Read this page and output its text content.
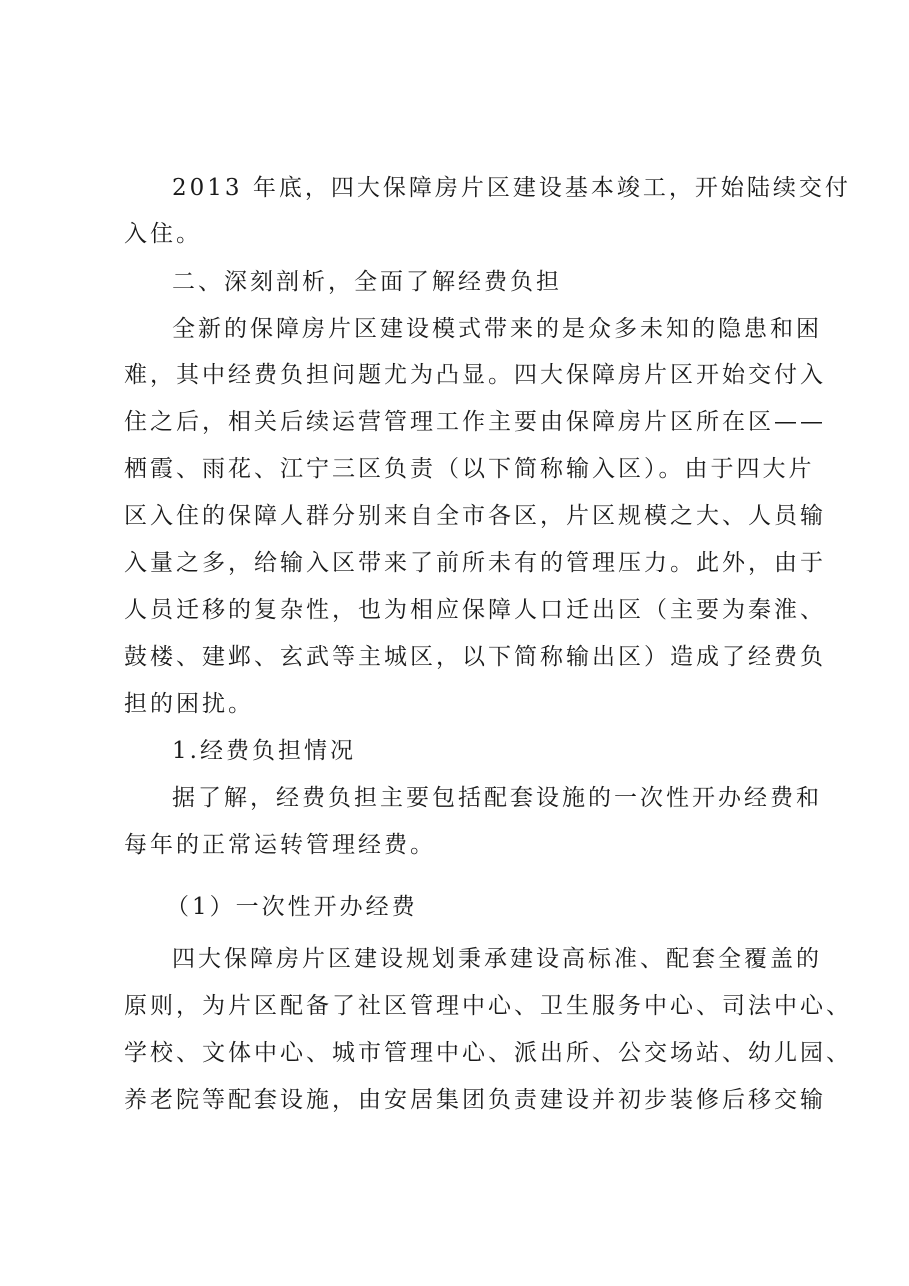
2013 年底，四大保障房片区建设基本竣工，开始陆续交付
入住。
二、深刻剖析，全面了解经费负担
全新的保障房片区建设模式带来的是众多未知的隐患和困
难，其中经费负担问题尤为凸显。四大保障房片区开始交付入
住之后，相关后续运营管理工作主要由保障房片区所在区——
栖霞、雨花、江宁三区负责（以下简称输入区）。由于四大片
区入住的保障人群分别来自全市各区，片区规模之大、人员输
入量之多，给输入区带来了前所未有的管理压力。此外，由于
人员迁移的复杂性，也为相应保障人口迁出区（主要为秦淮、
鼓楼、建邺、玄武等主城区，以下简称输出区）造成了经费负
担的困扰。
1.经费负担情况
据了解，经费负担主要包括配套设施的一次性开办经费和
每年的正常运转管理经费。
（1）一次性开办经费
四大保障房片区建设规划秉承建设高标准、配套全覆盖的
原则，为片区配备了社区管理中心、卫生服务中心、司法中心、
学校、文体中心、城市管理中心、派出所、公交场站、幼儿园、
养老院等配套设施，由安居集团负责建设并初步装修后移交输
